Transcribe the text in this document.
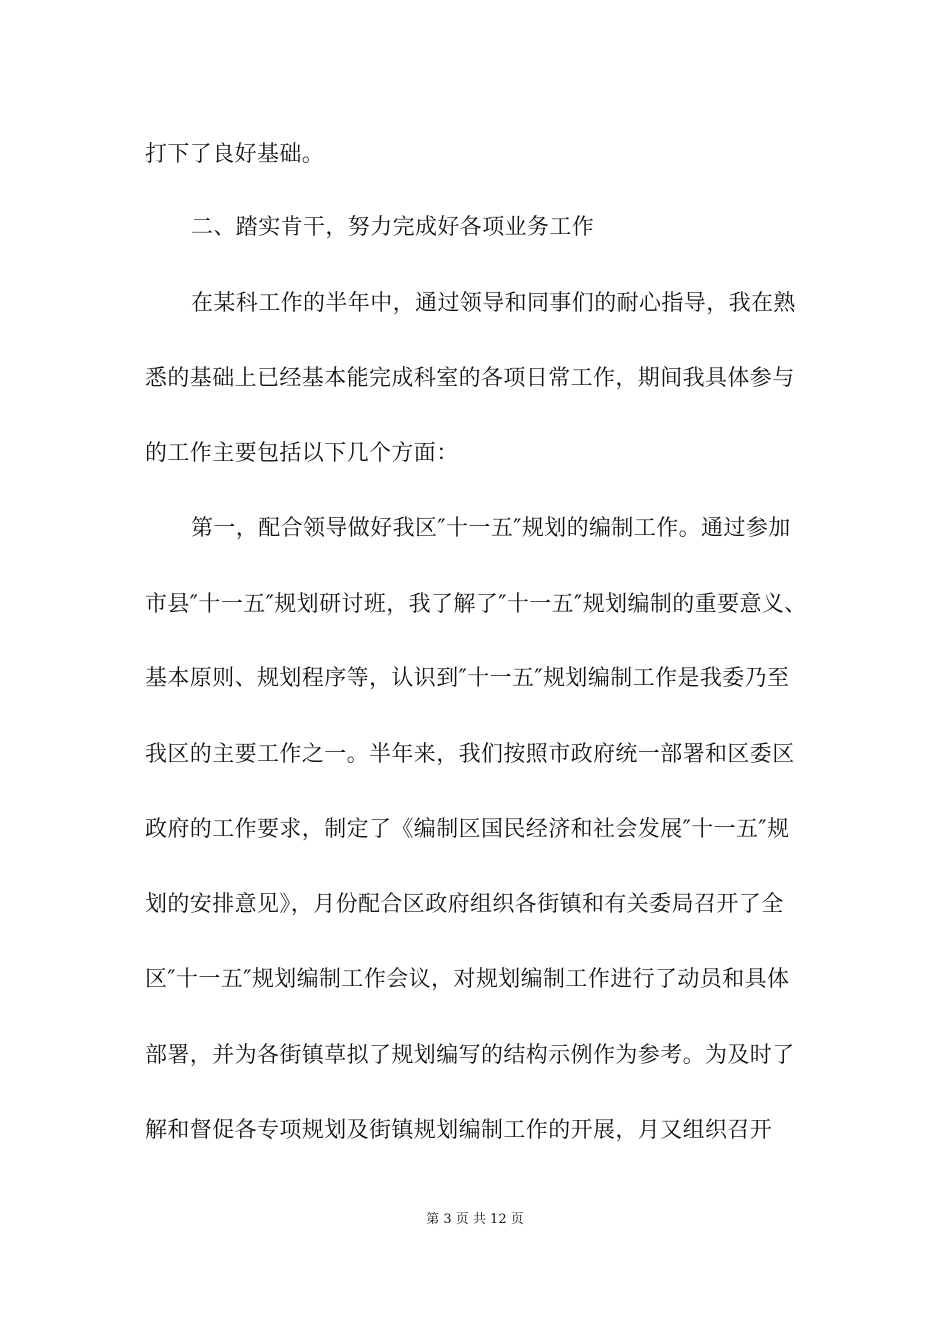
打下了良好基础。
二、踏实肯干，努力完成好各项业务工作
在某科工作的半年中，通过领导和同事们的耐心指导，我在熟
悉的基础上已经基本能完成科室的各项日常工作，期间我具体参与
的工作主要包括以下几个方面：
第一，配合领导做好我区″十一五″规划的编制工作。通过参加
市县″十一五″规划研讨班，我了解了″十一五″规划编制的重要意义、
基本原则、规划程序等，认识到″十一五″规划编制工作是我委乃至
我区的主要工作之一。半年来，我们按照市政府统一部署和区委区
政府的工作要求，制定了《编制区国民经济和社会发展″十一五″规
划的安排意见》，月份配合区政府组织各街镇和有关委局召开了全
区″十一五″规划编制工作会议，对规划编制工作进行了动员和具体
部署，并为各街镇草拟了规划编写的结构示例作为参考。为及时了
解和督促各专项规划及街镇规划编制工作的开展，月又组织召开
第 3 页 共 12 页
